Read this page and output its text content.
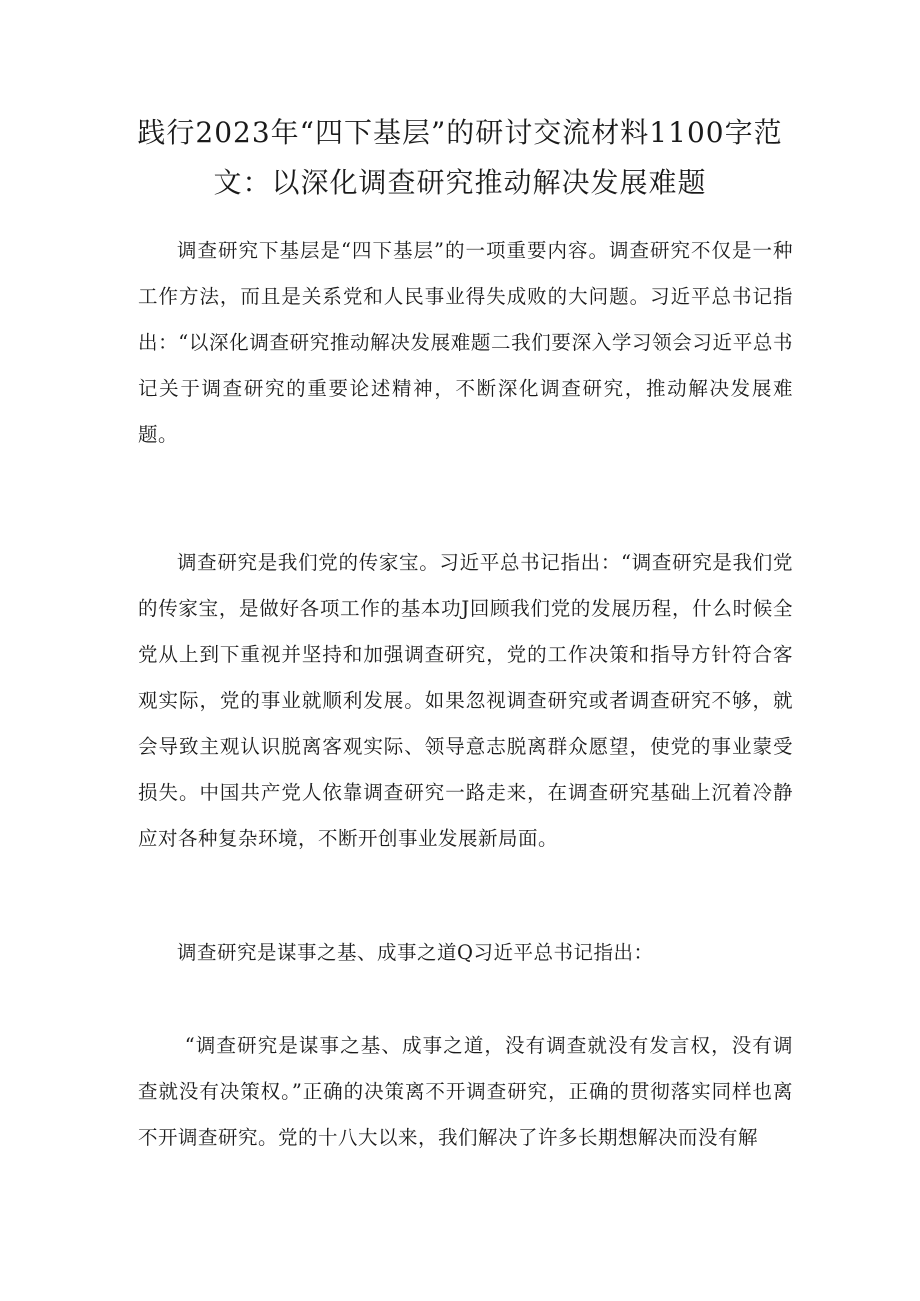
践行2023年“四下基层”的研讨交流材料1100字范文：以深化调查研究推动解决发展难题

调查研究下基层是“四下基层”的一项重要内容。调查研究不仅是一种工作方法，而且是关系党和人民事业得失成败的大问题。习近平总书记指出：“以深化调查研究推动解决发展难题二我们要深入学习领会习近平总书记关于调查研究的重要论述精神，不断深化调查研究，推动解决发展难题。

调查研究是我们党的传家宝。习近平总书记指出：“调查研究是我们党的传家宝，是做好各项工作的基本功J回顾我们党的发展历程，什么时候全党从上到下重视并坚持和加强调查研究，党的工作决策和指导方针符合客观实际，党的事业就顺利发展。如果忽视调查研究或者调查研究不够，就会导致主观认识脱离客观实际、领导意志脱离群众愿望，使党的事业蒙受损失。中国共产党人依靠调查研究一路走来，在调查研究基础上沉着冷静应对各种复杂环境，不断开创事业发展新局面。

调查研究是谋事之基、成事之道Q习近平总书记指出：

“调查研究是谋事之基、成事之道，没有调查就没有发言权，没有调查就没有决策权。”正确的决策离不开调查研究，正确的贯彻落实同样也离不开调查研究。党的十八大以来，我们解决了许多长期想解决而没有解
